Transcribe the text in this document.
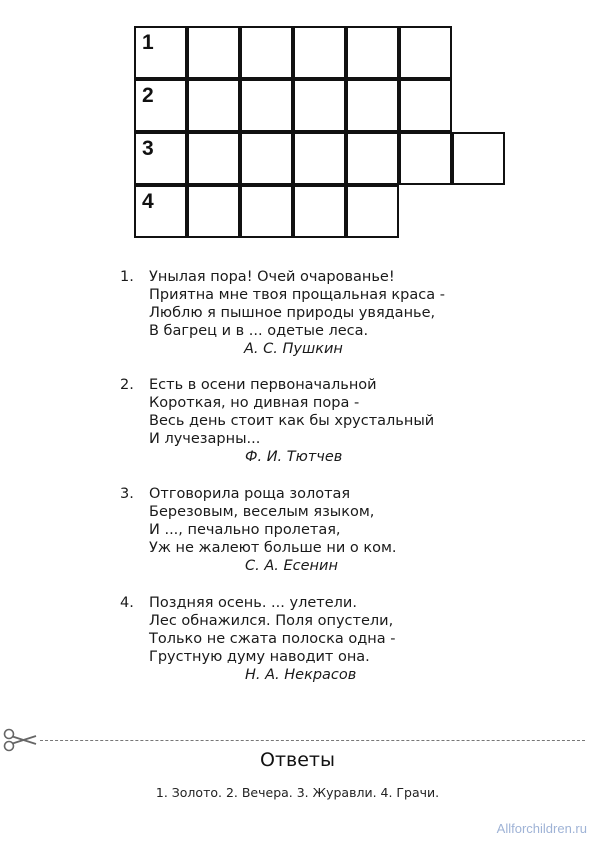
1
2
3
4
1. Унылая пора! Очей очарованье!
Приятна мне твоя прощальная краса -
Люблю я пышное природы увяданье,
В багрец и в ... одетые леса.
А. С. Пушкин
2. Есть в осени первоначальной
Короткая, но дивная пора -
Весь день стоит как бы хрустальный
И лучезарны...
Ф. И. Тютчев
3. Отговорила роща золотая
Березовым, веселым языком,
И ..., печально пролетая,
Уж не жалеют больше ни о ком.
С. А. Есенин
4. Поздняя осень. ... улетели.
Лес обнажился. Поля опустели,
Только не сжата полоска одна -
Грустную думу наводит она.
Н. А. Некрасов
Ответы
1. Золото. 2. Вечера. 3. Журавли. 4. Грачи.
Allforchildren.ru
